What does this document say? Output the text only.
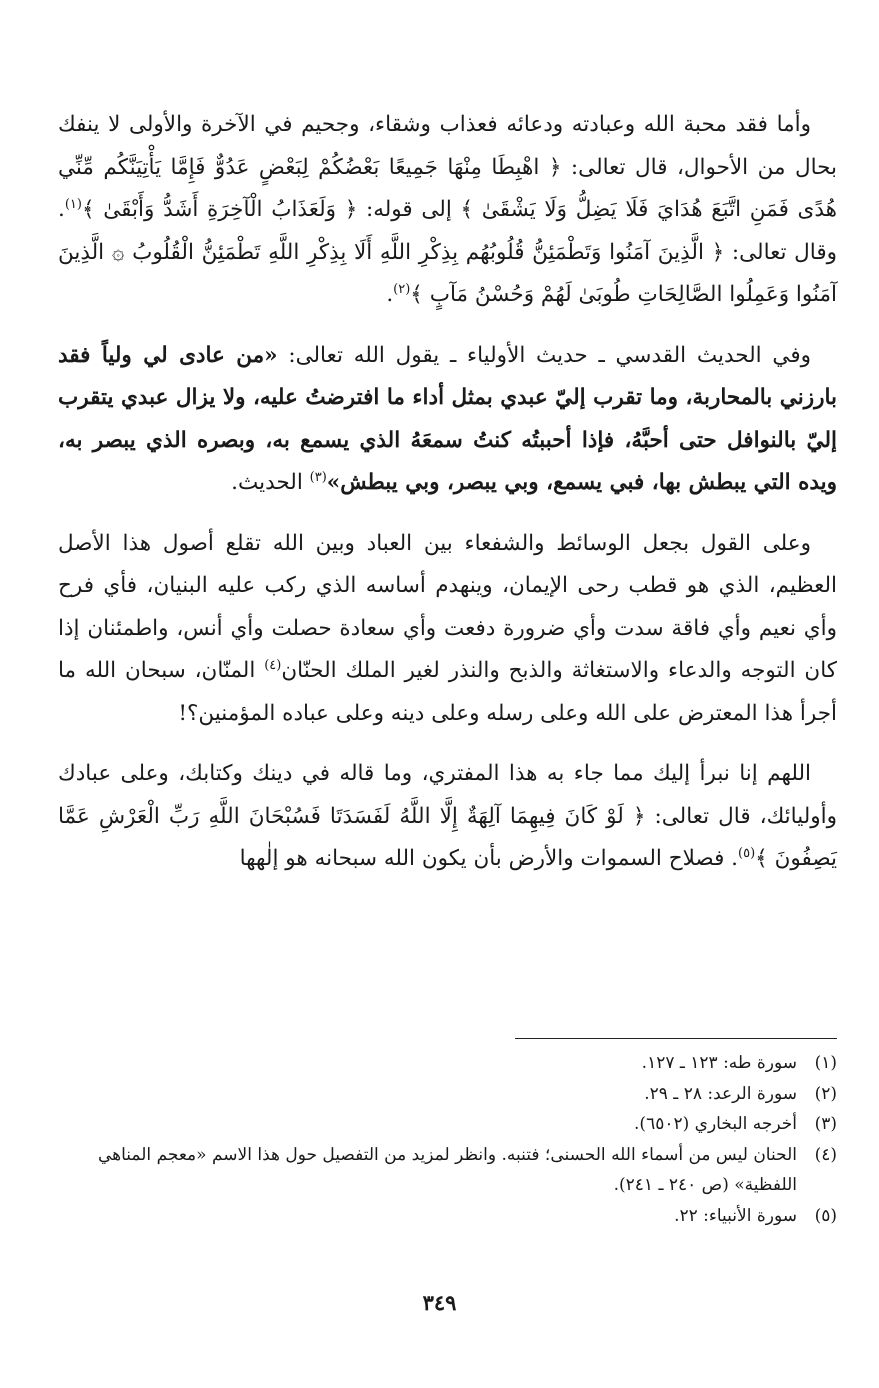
وأما فقد محبة الله وعبادته ودعائه فعذاب وشقاء، وجحيم في الآخرة والأولى لا ينفك بحال من الأحوال، قال تعالى: ﴿ اهْبِطَا مِنْهَا جَمِيعًا بَعْضُكُمْ لِبَعْضٍ عَدُوٌّ فَإِمَّا يَأْتِيَنَّكُم مِّنِّي هُدًى فَمَنِ اتَّبَعَ هُدَايَ فَلَا يَضِلُّ وَلَا يَشْقَىٰ ﴾ إلى قوله: ﴿ وَلَعَذَابُ الْآخِرَةِ أَشَدُّ وَأَبْقَىٰ ﴾$^{(١)}$. وقال تعالى: ﴿ الَّذِينَ آمَنُوا وَتَطْمَئِنُّ قُلُوبُهُم بِذِكْرِ اللَّهِ أَلَا بِذِكْرِ اللَّهِ تَطْمَئِنُّ الْقُلُوبُ ۞ الَّذِينَ آمَنُوا وَعَمِلُوا الصَّالِحَاتِ طُوبَىٰ لَهُمْ وَحُسْنُ مَآبٍ ﴾$^{(٢)}$.

وفي الحديث القدسي ـ حديث الأولياء ـ يقول الله تعالى: «من عادى لي ولياً فقد بارزني بالمحاربة، وما تقرب إليّ عبدي بمثل أداء ما افترضتُ عليه، ولا يزال عبدي يتقرب إليّ بالنوافل حتى أحبَّهُ، فإذا أحببتُه كنتُ سمعَهُ الذي يسمع به، وبصره الذي يبصر به، ويده التي يبطش بها، فبي يسمع، وبي يبصر، وبي يبطش»$^{(٣)}$ الحديث.

وعلى القول بجعل الوسائط والشفعاء بين العباد وبين الله تقلع أصول هذا الأصل العظيم، الذي هو قطب رحى الإيمان، وينهدم أساسه الذي ركب عليه البنيان، فأي فرح وأي نعيم وأي فاقة سدت وأي ضرورة دفعت وأي سعادة حصلت وأي أنس، واطمئنان إذا كان التوجه والدعاء والاستغاثة والذبح والنذر لغير الملك الحنّان$^{(٤)}$ المنّان، سبحان الله ما أجرأ هذا المعترض على الله وعلى رسله وعلى دينه وعلى عباده المؤمنين؟!

اللهم إنا نبرأ إليك مما جاء به هذا المفتري، وما قاله في دينك وكتابك، وعلى عبادك وأوليائك، قال تعالى: ﴿ لَوْ كَانَ فِيهِمَا آلِهَةٌ إِلَّا اللَّهُ لَفَسَدَتَا فَسُبْحَانَ اللَّهِ رَبِّ الْعَرْشِ عَمَّا يَصِفُونَ ﴾$^{(٥)}$. فصلاح السموات والأرض بأن يكون الله سبحانه هو إلٰهها

(١)
سورة طه: ١٢٣ ـ ١٢٧.

(٢)
سورة الرعد: ٢٨ ـ ٢٩.

(٣)
أخرجه البخاري (٦٥٠٢).

(٤)
الحنان ليس من أسماء الله الحسنى؛ فتنبه. وانظر لمزيد من التفصيل حول هذا الاسم «معجم المناهي اللفظية» (ص ٢٤٠ ـ ٢٤١).

(٥)
سورة الأنبياء: ٢٢.

٣٤٩
